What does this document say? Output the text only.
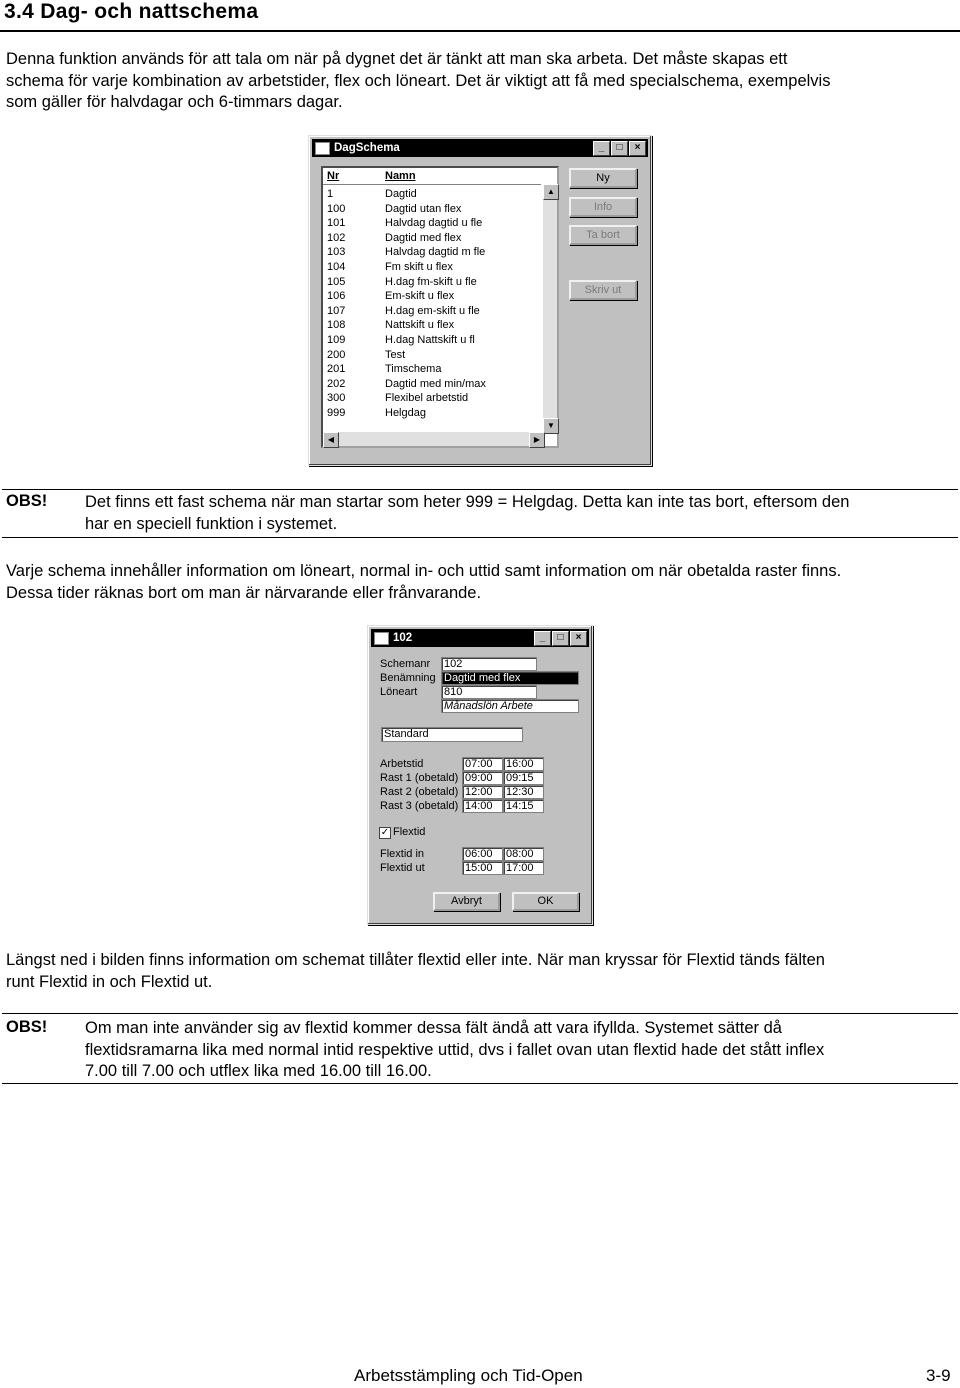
3.4 Dag- och nattschema
Denna funktion används för att tala om när på dygnet det är tänkt att man ska arbeta. Det måste skapas ett
schema för varje kombination av arbetstider, flex och löneart. Det är viktigt att få med specialschema, exempelvis
som gäller för halvdagar och 6-timmars dagar.
DagSchema	_	□	×
Nr	Namn
1	Dagtid
100	Dagtid utan flex
101	Halvdag dagtid u fle
102	Dagtid med flex
103	Halvdag dagtid m fle
104	Fm skift u flex
105	H.dag fm-skift u fle
106	Em-skift u flex
107	H.dag em-skift u fle
108	Nattskift u flex
109	H.dag Nattskift u fl
200	Test
201	Timschema
202	Dagtid med min/max
300	Flexibel arbetstid
999	Helgdag
▲
▼
◀	▶
Ny
Info
Ta bort
Skriv ut
OBS! Det finns ett fast schema när man startar som heter 999 = Helgdag. Detta kan inte tas bort, eftersom den
har en speciell funktion i systemet.
Varje schema innehåller information om löneart, normal in- och uttid samt information om när obetalda raster finns.
Dessa tider räknas bort om man är närvarande eller frånvarande.
102	_	□	×
Schemanr 102
Benämning Dagtid med flex
Löneart 810
Månadslön Arbete
Standard
Arbetstid	07:00	16:00
Rast 1 (obetald) 09:00	09:15
Rast 2 (obetald) 12:00	12:30
Rast 3 (obetald) 14:00	14:15
✓ Flextid
Flextid in	06:00	08:00
Flextid ut	15:00	17:00
Avbryt	OK
Längst ned i bilden finns information om schemat tillåter flextid eller inte. När man kryssar för Flextid tänds fälten
runt Flextid in och Flextid ut.
OBS! Om man inte använder sig av flextid kommer dessa fält ändå att vara ifyllda. Systemet sätter då
flextidsramarna lika med normal intid respektive uttid, dvs i fallet ovan utan flextid hade det stått inflex
7.00 till 7.00 och utflex lika med 16.00 till 16.00.
Arbetsstämpling och Tid-Open	3-9
